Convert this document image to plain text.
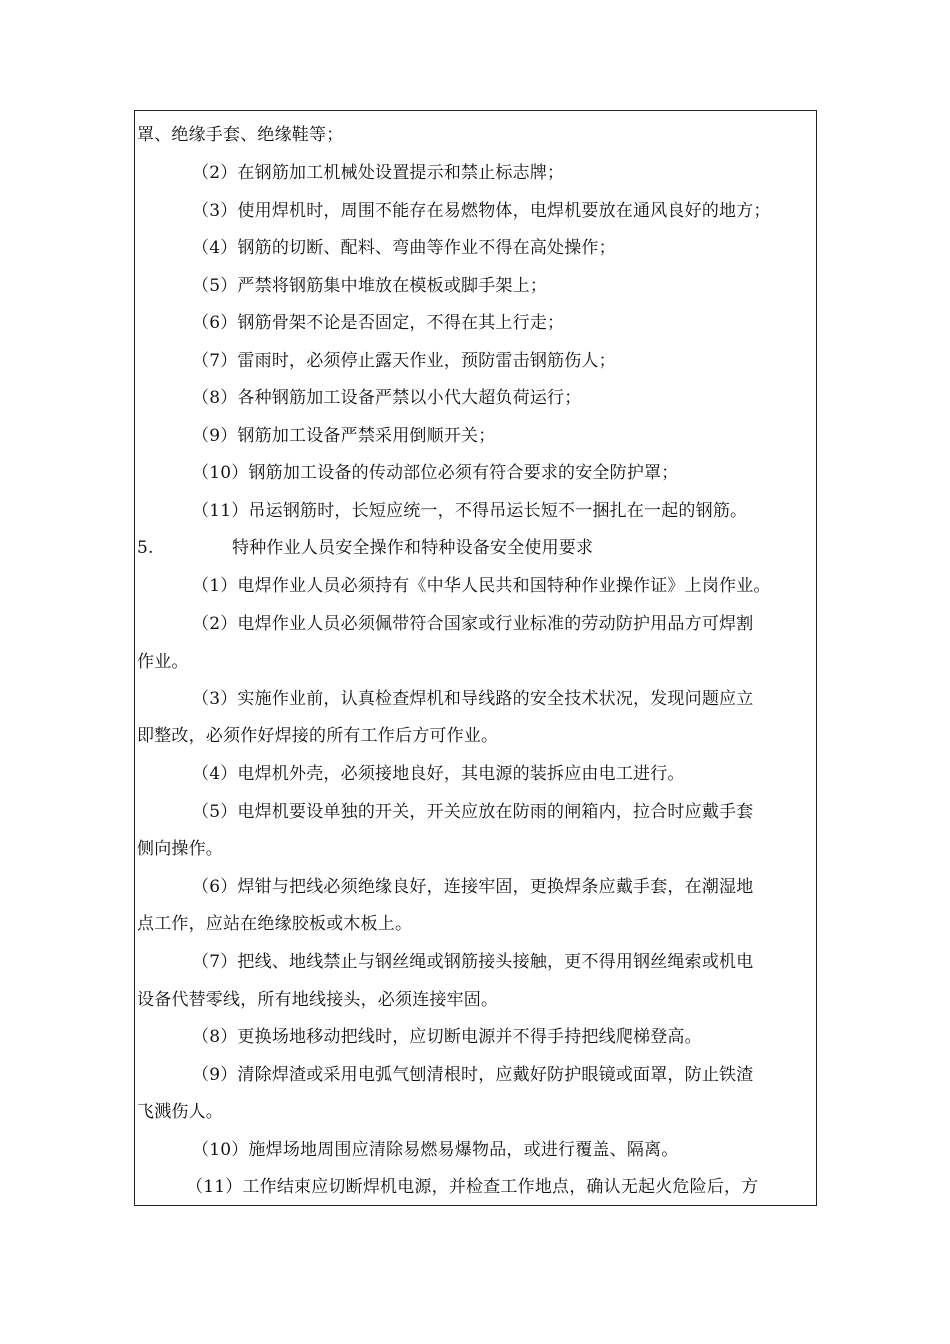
罩、绝缘手套、绝缘鞋等；
（2）在钢筋加工机械处设置提示和禁止标志牌；
（3）使用焊机时，周围不能存在易燃物体，电焊机要放在通风良好的地方；
（4）钢筋的切断、配料、弯曲等作业不得在高处操作；
（5）严禁将钢筋集中堆放在模板或脚手架上；
（6）钢筋骨架不论是否固定，不得在其上行走；
（7）雷雨时，必须停止露天作业，预防雷击钢筋伤人；
（8）各种钢筋加工设备严禁以小代大超负荷运行；
（9）钢筋加工设备严禁采用倒顺开关；
（10）钢筋加工设备的传动部位必须有符合要求的安全防护罩；
（11）吊运钢筋时，长短应统一，不得吊运长短不一捆扎在一起的钢筋。
5.	特种作业人员安全操作和特种设备安全使用要求
（1）电焊作业人员必须持有《中华人民共和国特种作业操作证》上岗作业。
（2）电焊作业人员必须佩带符合国家或行业标准的劳动防护用品方可焊割
作业。
（3）实施作业前，认真检查焊机和导线路的安全技术状况，发现问题应立
即整改，必须作好焊接的所有工作后方可作业。
（4）电焊机外壳，必须接地良好，其电源的装拆应由电工进行。
（5）电焊机要设单独的开关，开关应放在防雨的闸箱内，拉合时应戴手套
侧向操作。
（6）焊钳与把线必须绝缘良好，连接牢固，更换焊条应戴手套，在潮湿地
点工作，应站在绝缘胶板或木板上。
（7）把线、地线禁止与钢丝绳或钢筋接头接触，更不得用钢丝绳索或机电
设备代替零线，所有地线接头，必须连接牢固。
（8）更换场地移动把线时，应切断电源并不得手持把线爬梯登高。
（9）清除焊渣或采用电弧气刨清根时，应戴好防护眼镜或面罩，防止铁渣
飞溅伤人。
（10）施焊场地周围应清除易燃易爆物品，或进行覆盖、隔离。
（11）工作结束应切断焊机电源，并检查工作地点，确认无起火危险后，方
